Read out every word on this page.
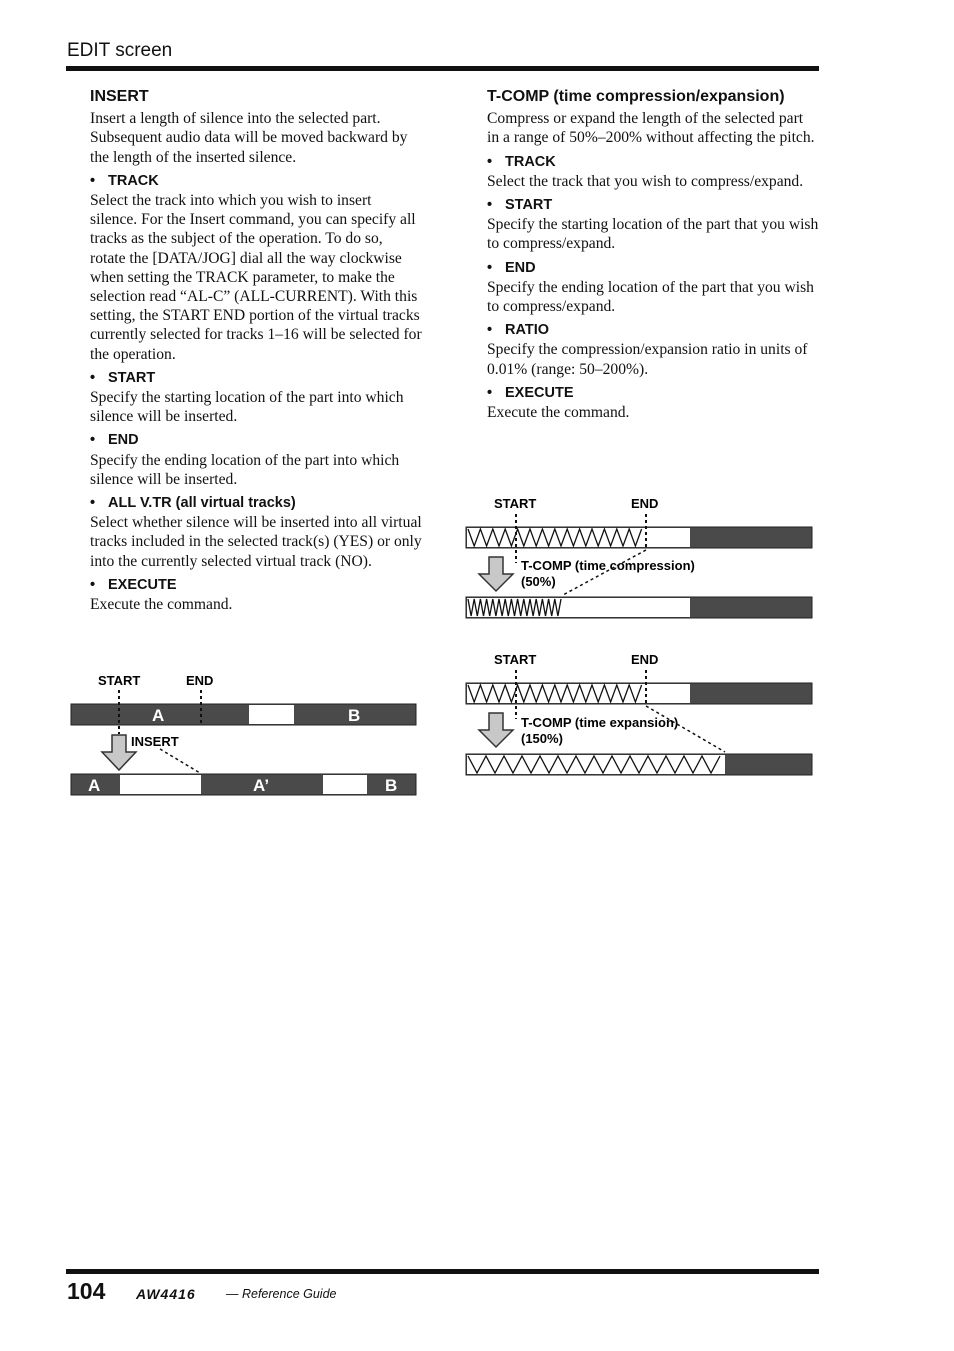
EDIT screen
INSERT

Insert a length of silence into the selected part. Subsequent audio data will be moved backward by the length of the inserted silence.

• TRACK

Select the track into which you wish to insert silence. For the Insert command, you can specify all tracks as the subject of the operation. To do so, rotate the [DATA/JOG] dial all the way clockwise when setting the TRACK parameter, to make the selection read “AL-C” (ALL-CURRENT). With this setting, the START END portion of the virtual tracks currently selected for tracks 1–16 will be selected for the operation.

• START

Specify the starting location of the part into which silence will be inserted.

• END

Specify the ending location of the part into which silence will be inserted.

• ALL V.TR (all virtual tracks)

Select whether silence will be inserted into all virtual tracks included in the selected track(s) (YES) or only into the currently selected virtual track (NO).

• EXECUTE

Execute the command.

T-COMP (time compression/expansion)

Compress or expand the length of the selected part in a range of 50%–200% without affecting the pitch.

• TRACK

Select the track that you wish to compress/expand.

• START

Specify the starting location of the part that you wish to compress/expand.

• END

Specify the ending location of the part that you wish to compress/expand.

• RATIO

Specify the compression/expansion ratio in units of 0.01% (range: 50–200%).

• EXECUTE

Execute the command.

START	END
A	B
INSERT
A	A’	B
START	END
T-COMP (time compression)
(50%)
START	END
T-COMP (time expansion)
(150%)
104 AW4416 — Reference Guide
